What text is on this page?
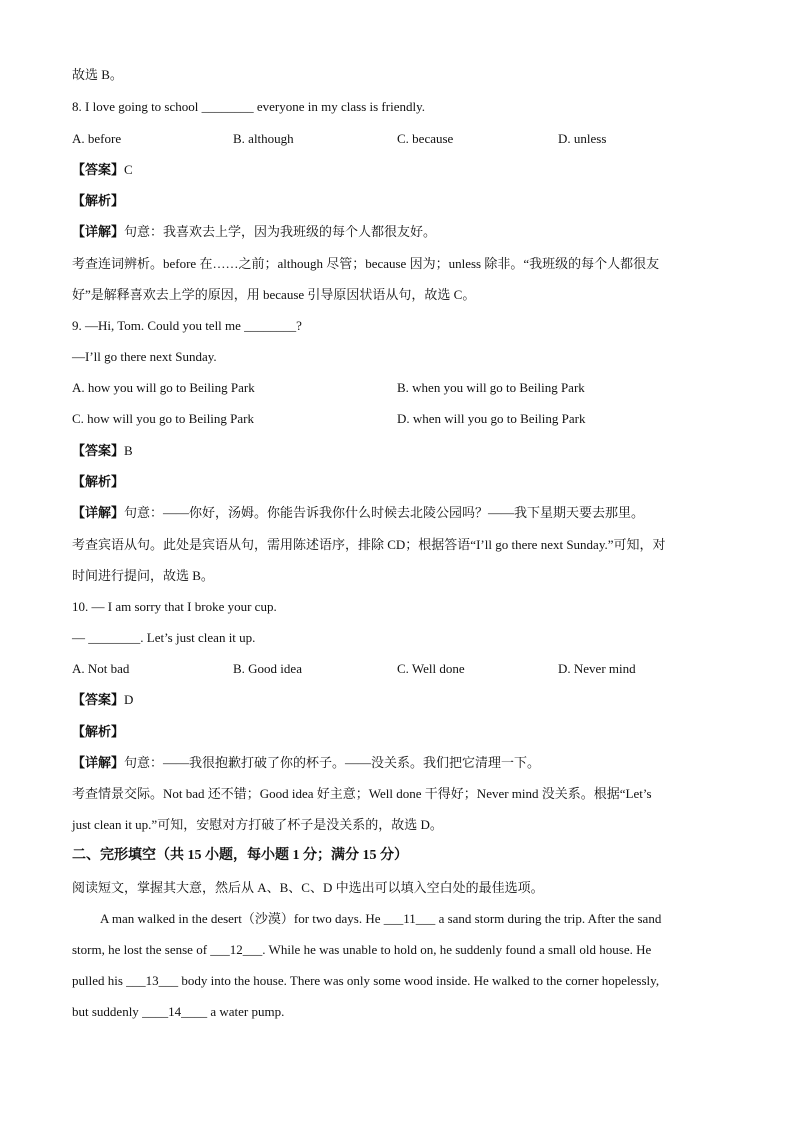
故选 B。
8. I love going to school ________ everyone in my class is friendly.
A. before	B. although	C. because	D. unless
【答案】C
【解析】
【详解】句意：我喜欢去上学，因为我班级的每个人都很友好。
考查连词辨析。before 在……之前；although 尽管；because 因为；unless 除非。“我班级的每个人都很友
好”是解释喜欢去上学的原因，用 because 引导原因状语从句，故选 C。
9. —Hi, Tom. Could you tell me ________?
—I’ll go there next Sunday.
A. how you will go to Beiling Park	B. when you will go to Beiling Park
C. how will you go to Beiling Park	D. when will you go to Beiling Park
【答案】B
【解析】
【详解】句意：——你好，汤姆。你能告诉我你什么时候去北陵公园吗？——我下星期天要去那里。
考查宾语从句。此处是宾语从句，需用陈述语序，排除 CD；根据答语“I’ll go there next Sunday.”可知，对
时间进行提问，故选 B。
10. — I am sorry that I broke your cup.
— ________. Let’s just clean it up.
A. Not bad	B. Good idea	C. Well done	D. Never mind
【答案】D
【解析】
【详解】句意：——我很抱歉打破了你的杯子。——没关系。我们把它清理一下。
考查情景交际。Not bad 还不错；Good idea 好主意；Well done 干得好；Never mind 没关系。根据“Let’s
just clean it up.”可知，安慰对方打破了杯子是没关系的，故选 D。
二、完形填空（共 15 小题，每小题 1 分；满分 15 分）
阅读短文，掌握其大意，然后从 A、B、C、D 中选出可以填入空白处的最佳选项。
A man walked in the desert（沙漠）for two days. He ___11___ a sand storm during the trip. After the sand
storm, he lost the sense of ___12___. While he was unable to hold on, he suddenly found a small old house. He
pulled his ___13___ body into the house. There was only some wood inside. He walked to the corner hopelessly,
but suddenly ____14____ a water pump.
